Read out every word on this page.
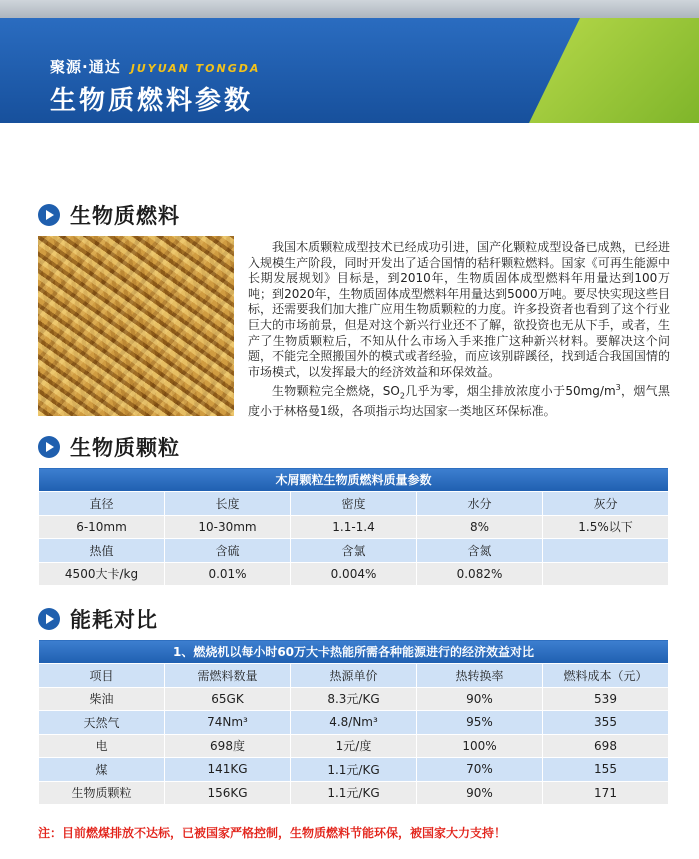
聚源·通达 JUYUAN TONGDA
生物质燃料参数
生物质燃料

我国木质颗粒成型技术已经成功引进，国产化颗粒成型设备已成熟，已经进入规模生产阶段，同时开发出了适合国情的秸秆颗粒燃料。国家《可再生能源中长期发展规划》目标是，到2010年，生物质固体成型燃料年用量达到100万吨；到2020年，生物质固体成型燃料年用量达到5000万吨。要尽快实现这些目标，还需要我们加大推广应用生物质颗粒的力度。许多投资者也看到了这个行业巨大的市场前景，但是对这个新兴行业还不了解，欲投资也无从下手，或者，生产了生物质颗粒后，不知从什么市场入手来推广这种新兴材料。要解决这个问题，不能完全照搬国外的模式或者经验，而应该别辟蹊径，找到适合我国国情的市场模式，以发挥最大的经济效益和环保效益。

生物颗粒完全燃烧，$SO_2$几乎为零，烟尘排放浓度小于$50mg/m^3$，烟气黑度小于林格曼1级，各项指示均达国家一类地区环保标准。

生物质颗粒
木屑颗粒生物质燃料质量参数				
直径	长度	密度	水分	灰分
6-10mm	10-30mm	1.1-1.4	8%	1.5%以下
热值	含硫	含氯	含氮	
4500大卡/kg	0.01%	0.004%	0.082%	
能耗对比
1、燃烧机以每小时60万大卡热能所需各种能源进行的经济效益对比				
项目	需燃料数量	热源单价	热转换率	燃料成本（元）
柴油	65GK	8.3元/KG	90%	539
天然气	74Nm³	4.8/Nm³	95%	355
电	698度	1元/度	100%	698
煤	141KG	1.1元/KG	70%	155
生物质颗粒	156KG	1.1元/KG	90%	171
注：目前燃煤排放不达标，已被国家严格控制，生物质燃料节能环保，被国家大力支持！
